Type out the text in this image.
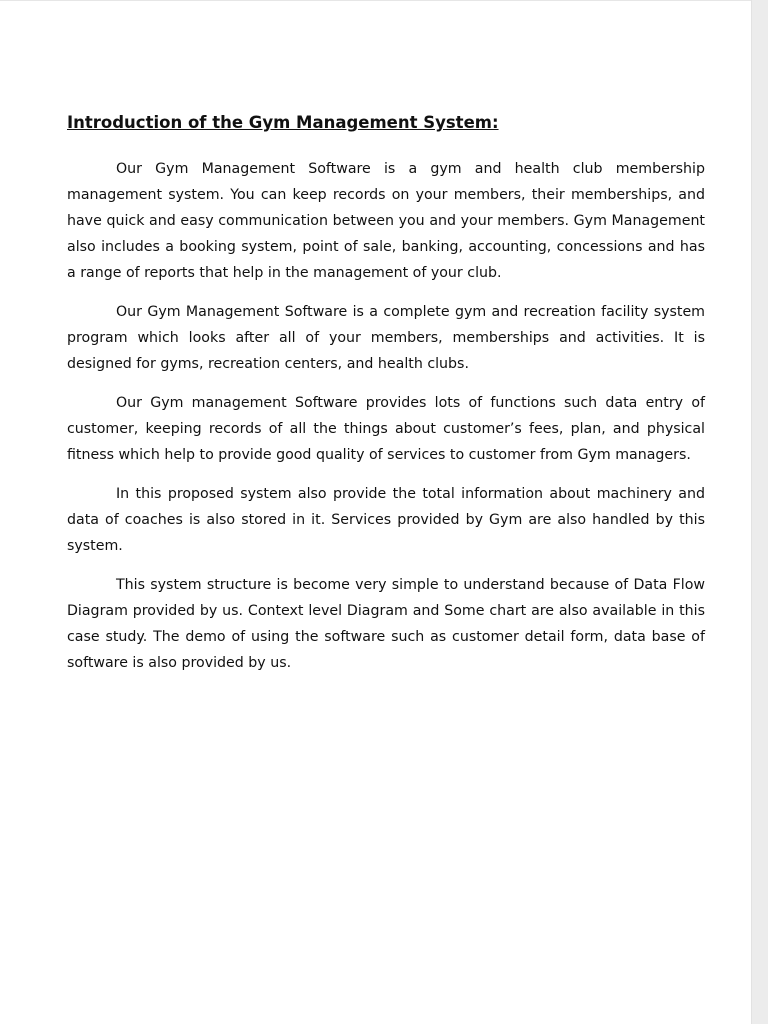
Introduction of the Gym Management System:

Our Gym Management Software is a gym and health club membership management system. You can keep records on your members, their memberships, and have quick and easy communication between you and your members. Gym Management also includes a booking system, point of sale, banking, accounting, concessions and has a range of reports that help in the management of your club.

Our Gym Management Software is a complete gym and recreation facility system program which looks after all of your members, memberships and activities. It is designed for gyms, recreation centers, and health clubs.

Our Gym management Software provides lots of functions such data entry of customer, keeping records of all the things about customer’s fees, plan, and physical fitness which help to provide good quality of services to customer from Gym managers.

In this proposed system also provide the total information about machinery and data of coaches is also stored in it. Services provided by Gym are also handled by this system.

This system structure is become very simple to understand because of Data Flow Diagram provided by us. Context level Diagram and Some chart are also available in this case study. The demo of using the software such as customer detail form, data base of software is also provided by us.
